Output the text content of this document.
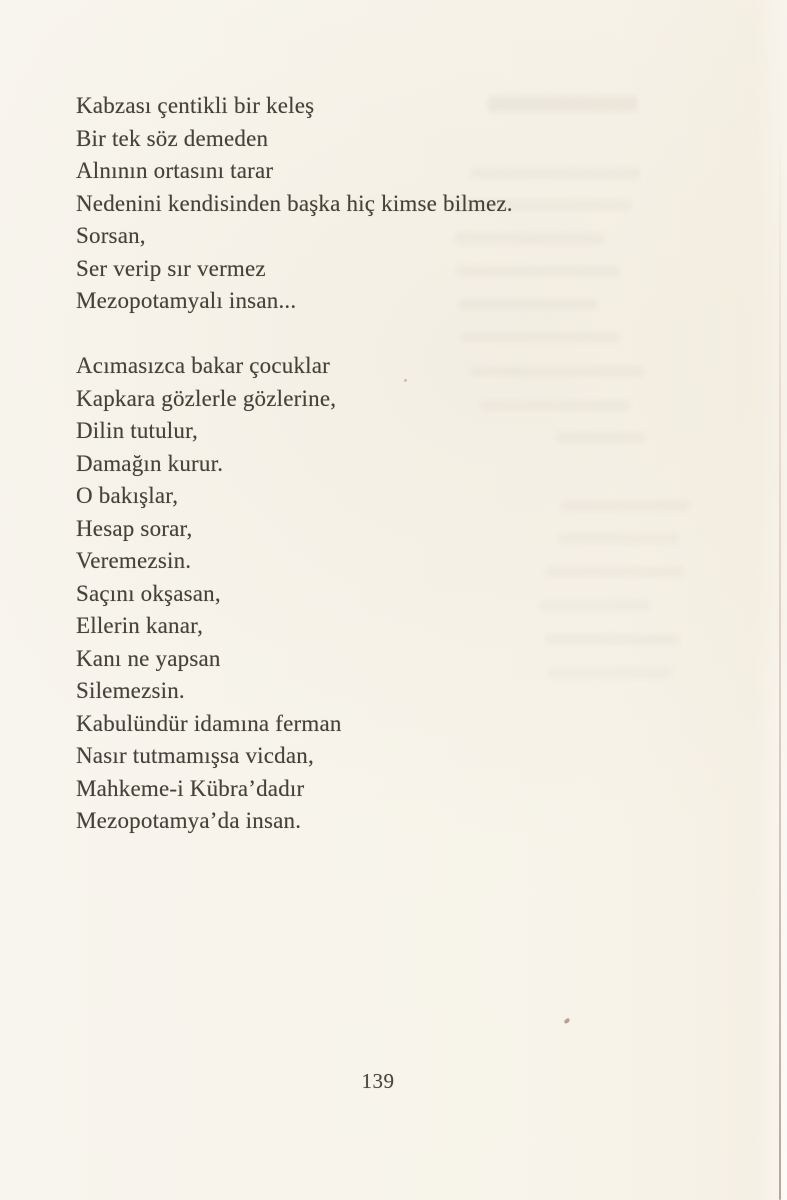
Kabzası çentikli bir keleş
Bir tek söz demeden
Alnının ortasını tarar
Nedenini kendisinden başka hiç kimse bilmez.
Sorsan,
Ser verip sır vermez
Mezopotamyalı insan...
Acımasızca bakar çocuklar
Kapkara gözlerle gözlerine,
Dilin tutulur,
Damağın kurur.
O bakışlar,
Hesap sorar,
Veremezsin.
Saçını okşasan,
Ellerin kanar,
Kanı ne yapsan
Silemezsin.
Kabulündür idamına ferman
Nasır tutmamışsa vicdan,
Mahkeme-i Kübra’dadır
Mezopotamya’da insan.
139
